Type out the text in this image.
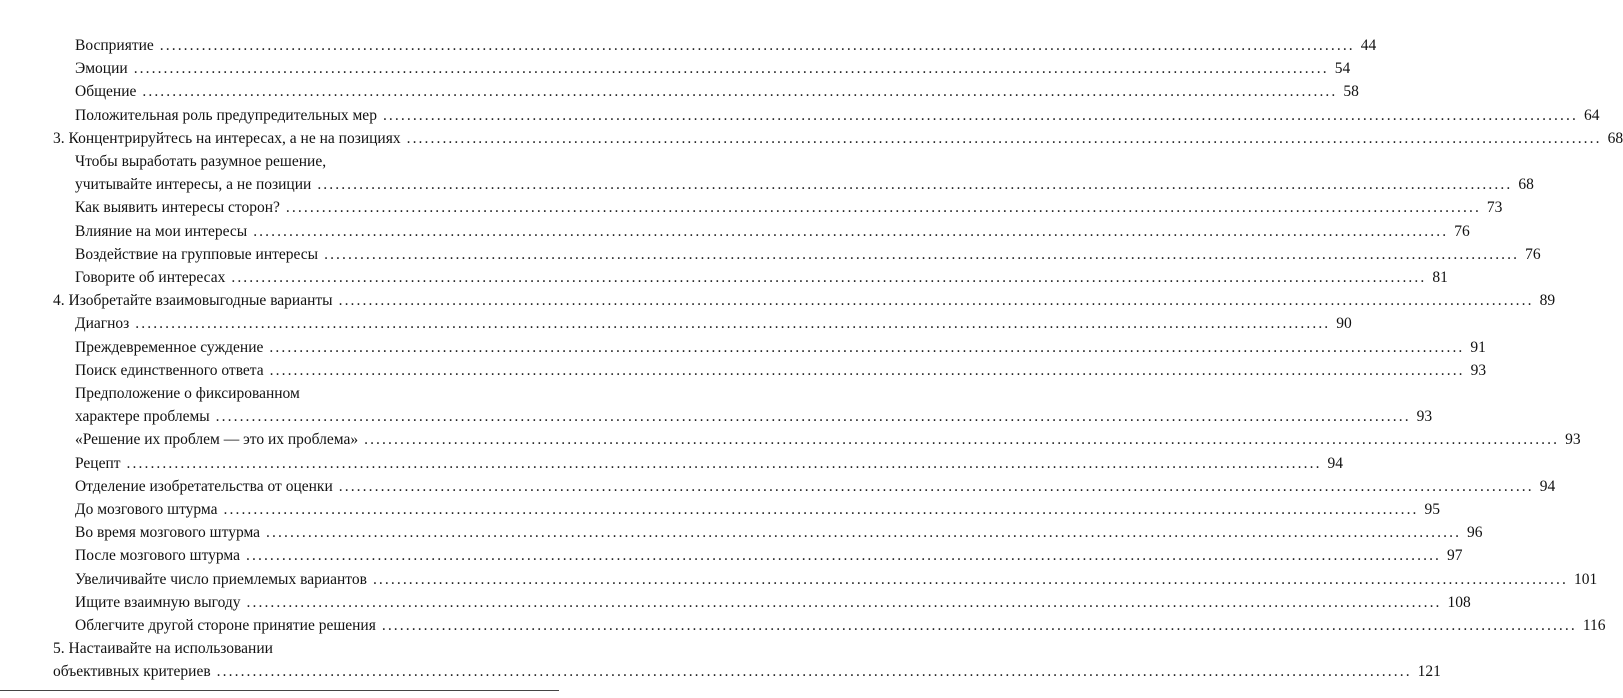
Восприятие ........................................................................................................................................................................................................ 44
Эмоции ........................................................................................................................................................................................................ 54
Общение ........................................................................................................................................................................................................ 58
Положительная роль предупредительных мер ........................................................................................................................................................................................................ 64
3. Концентрируйтесь на интересах, а не на позициях ........................................................................................................................................................................................................ 68
Чтобы выработать разумное решение,
учитывайте интересы, а не позиции ........................................................................................................................................................................................................ 68
Как выявить интересы сторон? ........................................................................................................................................................................................................ 73
Влияние на мои интересы ........................................................................................................................................................................................................ 76
Воздействие на групповые интересы ........................................................................................................................................................................................................ 76
Говорите об интересах ........................................................................................................................................................................................................ 81
4. Изобретайте взаимовыгодные варианты ........................................................................................................................................................................................................ 89
Диагноз ........................................................................................................................................................................................................ 90
Преждевременное суждение ........................................................................................................................................................................................................ 91
Поиск единственного ответа ........................................................................................................................................................................................................ 93
Предположение о фиксированном
характере проблемы ........................................................................................................................................................................................................ 93
«Решение их проблем — это их проблема» ........................................................................................................................................................................................................ 93
Рецепт ........................................................................................................................................................................................................ 94
Отделение изобретательства от оценки ........................................................................................................................................................................................................ 94
До мозгового штурма ........................................................................................................................................................................................................ 95
Во время мозгового штурма ........................................................................................................................................................................................................ 96
После мозгового штурма ........................................................................................................................................................................................................ 97
Увеличивайте число приемлемых вариантов ........................................................................................................................................................................................................ 101
Ищите взаимную выгоду ........................................................................................................................................................................................................ 108
Облегчите другой стороне принятие решения ........................................................................................................................................................................................................ 116
5. Настаивайте на использовании
объективных критериев ........................................................................................................................................................................................................ 121
